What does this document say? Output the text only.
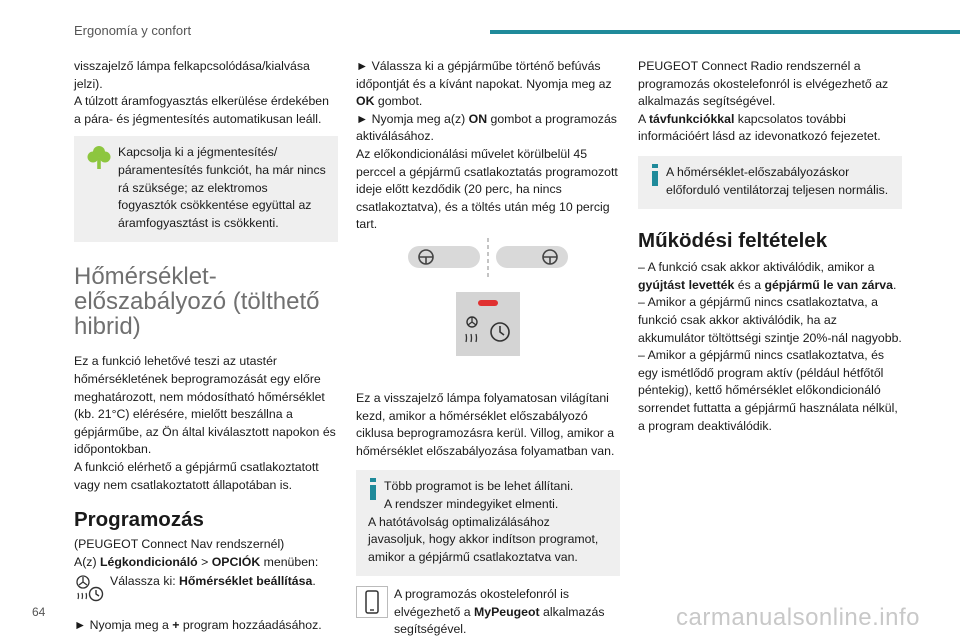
Ergonomía y confort

visszajelző lámpa felkapcsolódása/kialvása jelzi).

A túlzott áramfogyasztás elkerülése érdekében a pára- és jégmentesítés automatikusan leáll.

Kapcsolja ki a jégmentesítés/ páramentesítés funkciót, ha már nincs rá szüksége; az elektromos fogyasztók csökkentése együttal az áramfogyasztást is csökkenti.

Hőmérséklet-
előszabályozó (tölthető
hibrid)

Ez a funkció lehetővé teszi az utastér hőmérsékletének beprogramozását egy előre meghatározott, nem módosítható hőmérséklet (kb. 21°C) elérésére, mielőtt beszállna a gépjárműbe, az Ön által kiválasztott napokon és időpontokban.

A funkció elérhető a gépjármű csatlakoztatott vagy nem csatlakoztatott állapotában is.

Programozás

(PEUGEOT Connect Nav rendszernél)

A(z) Légkondicionáló > OPCIÓK menüben:

Válassza ki: Hőmérséklet beállítása.

► Nyomja meg a + program hozzáadásához.

► Válassza ki a gépjárműbe történő befúvás időpontját és a kívánt napokat. Nyomja meg az OK gombot.

► Nyomja meg a(z) ON gombot a programozás aktiválásához.

Az előkondicionálási művelet körülbelül 45 perccel a gépjármű csatlakoztatás programozott ideje előtt kezdődik (20 perc, ha nincs csatlakoztatva), és a töltés után még 10 percig tart.

Ez a visszajelző lámpa folyamatosan világítani kezd, amikor a hőmérséklet előszabályozó ciklusa beprogramozásra kerül. Villog, amikor a hőmérséklet előszabályozása folyamatban van.

Több programot is be lehet állítani.

A rendszer mindegyiket elmenti.

A hatótávolság optimalizálásához javasoljuk, hogy akkor indítson programot, amikor a gépjármű csatlakoztatva van.

A programozás okostelefonról is elvégezhető a MyPeugeot alkalmazás segítségével.

PEUGEOT Connect Radio rendszernél a programozás okostelefonról is elvégezhető az alkalmazás segítségével.

A távfunkciókkal kapcsolatos további információért lásd az idevonatkozó fejezetet.

A hőmérséklet-előszabályozáskor előforduló ventilátorzaj teljesen normális.

Működési feltételek

– A funkció csak akkor aktiválódik, amikor a gyújtást levették és a gépjármű le van zárva.

– Amikor a gépjármű nincs csatlakoztatva, a funkció csak akkor aktiválódik, ha az akkumulátor töltöttségi szintje 20%-nál nagyobb.

– Amikor a gépjármű nincs csatlakoztatva, és egy ismétlődő program aktív (például hétfőtől péntekig), kettő hőmérséklet előkondicionáló sorrendet futtatta a gépjármű használata nélkül, a program deaktiválódik.

64	carmanualsonline.info
